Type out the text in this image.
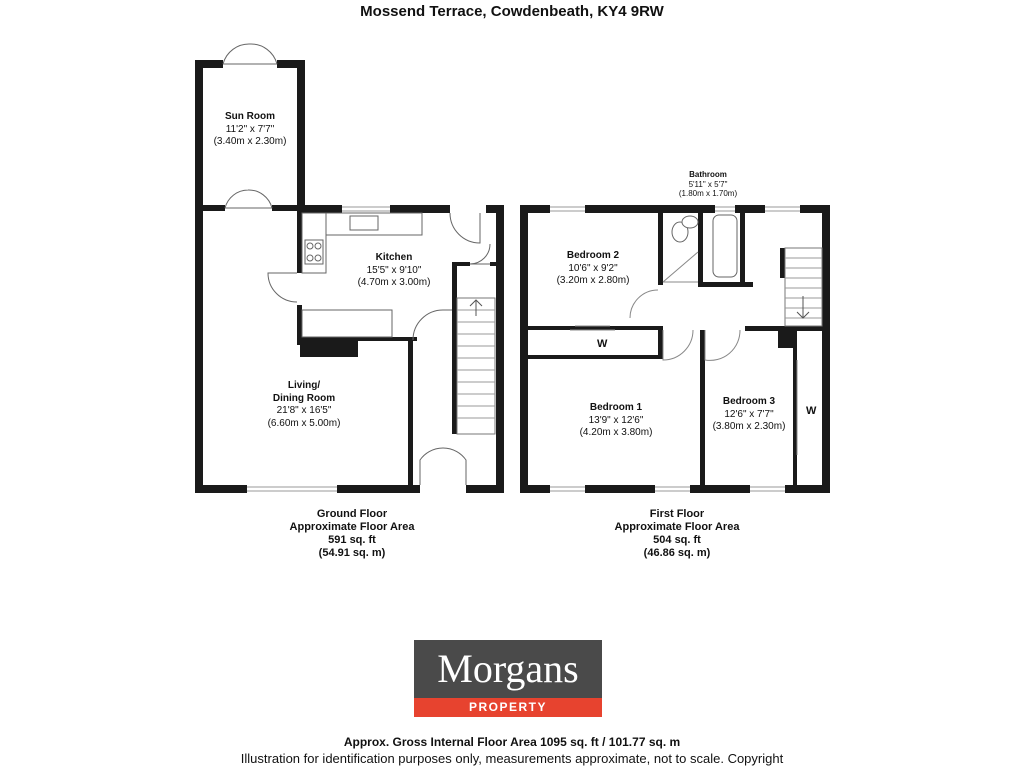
Mossend Terrace, Cowdenbeath, KY4 9RW
Sun Room
11'2" x 7'7"
(3.40m x 2.30m)
Kitchen
15'5" x 9'10"
(4.70m x 3.00m)
Living/
Dining Room
21'8" x 16'5"
(6.60m x 5.00m)
Bathroom
5'11" x 5'7"
(1.80m x 1.70m)
Bedroom 2
10'6" x 9'2"
(3.20m x 2.80m)
Bedroom 1
13'9" x 12'6"
(4.20m x 3.80m)
Bedroom 3
12'6" x 7'7"
(3.80m x 2.30m)
W
W
Ground Floor
Approximate Floor Area
591 sq. ft
(54.91 sq. m)
First Floor
Approximate Floor Area
504 sq. ft
(46.86 sq. m)
Morgans
PROPERTY
Approx. Gross Internal Floor Area 1095 sq. ft / 101.77 sq. m
Illustration for identification purposes only, measurements approximate, not to scale. Copyright
